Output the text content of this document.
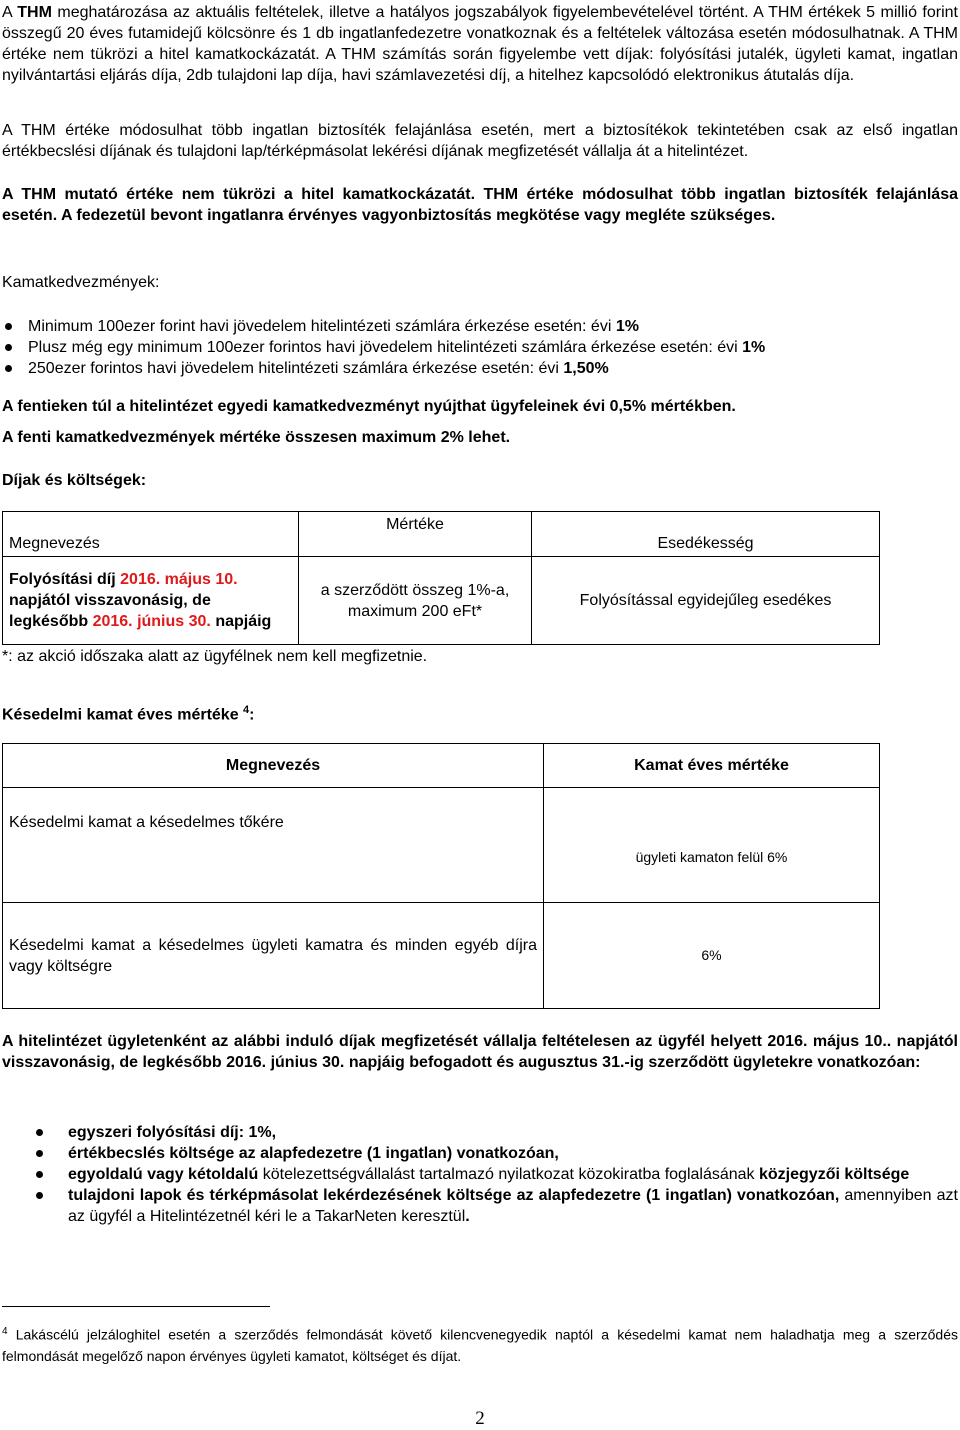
A THM meghatározása az aktuális feltételek, illetve a hatályos jogszabályok figyelembevételével történt. A THM értékek 5 millió forint összegű 20 éves futamidejű kölcsönre és 1 db ingatlanfedezetre vonatkoznak és a feltételek változása esetén módosulhatnak. A THM értéke nem tükrözi a hitel kamatkockázatát. A THM számítás során figyelembe vett díjak: folyósítási jutalék, ügyleti kamat, ingatlan nyilvántartási eljárás díja, 2db tulajdoni lap díja, havi számlavezetési díj, a hitelhez kapcsolódó elektronikus átutalás díja.

A THM értéke módosulhat több ingatlan biztosíték felajánlása esetén, mert a biztosítékok tekintetében csak az első ingatlan értékbecslési díjának és tulajdoni lap/térképmásolat lekérési díjának megfizetését vállalja át a hitelintézet.

A THM mutató értéke nem tükrözi a hitel kamatkockázatát. THM értéke módosulhat több ingatlan biztosíték felajánlása esetén. A fedezetül bevont ingatlanra érvényes vagyonbiztosítás megkötése vagy megléte szükséges.

Kamatkedvezmények:

Minimum 100ezer forint havi jövedelem hitelintézeti számlára érkezése esetén: évi 1%
Plusz még egy minimum 100ezer forintos havi jövedelem hitelintézeti számlára érkezése esetén: évi 1%
250ezer forintos havi jövedelem hitelintézeti számlára érkezése esetén: évi 1,50%

A fentieken túl a hitelintézet egyedi kamatkedvezményt nyújthat ügyfeleinek évi 0,5% mértékben.

A fenti kamatkedvezmények mértéke összesen maximum 2% lehet.

Díjak és költségek:

Megnevezés	Mértéke	Esedékesség
Folyósítási díj 2016. május 10. napjától visszavonásig, de legkésőbb 2016. június 30. napjáig	a szerződött összeg 1%-a, maximum 200 eFt*	Folyósítással egyidejűleg esedékes

*: az akció időszaka alatt az ügyfélnek nem kell megfizetnie.

Késedelmi kamat éves mértéke $^4$:

Megnevezés	Kamat éves mértéke
Késedelmi kamat a késedelmes tőkére	ügyleti kamaton felül 6%
Késedelmi kamat a késedelmes ügyleti kamatra és minden egyéb díjra vagy költségre	6%

A hitelintézet ügyletenként az alábbi induló díjak megfizetését vállalja feltételesen az ügyfél helyett 2016. május 10.. napjától visszavonásig, de legkésőbb 2016. június 30. napjáig befogadott és augusztus 31.-ig szerződött ügyletekre vonatkozóan:

egyszeri folyósítási díj: 1%,
értékbecslés költsége az alapfedezetre (1 ingatlan) vonatkozóan,
egyoldalú vagy kétoldalú kötelezettségvállalást tartalmazó nyilatkozat közokiratba foglalásának közjegyzői költsége
tulajdoni lapok és térképmásolat lekérdezésének költsége az alapfedezetre (1 ingatlan) vonatkozóan, amennyiben azt az ügyfél a Hitelintézetnél kéri le a TakarNeten keresztül.

$^4$ Lakáscélú jelzáloghitel esetén a szerződés felmondását követő kilencvenegyedik naptól a késedelmi kamat nem haladhatja meg a szerződés felmondását megelőző napon érvényes ügyleti kamatot, költséget és díjat.

2
